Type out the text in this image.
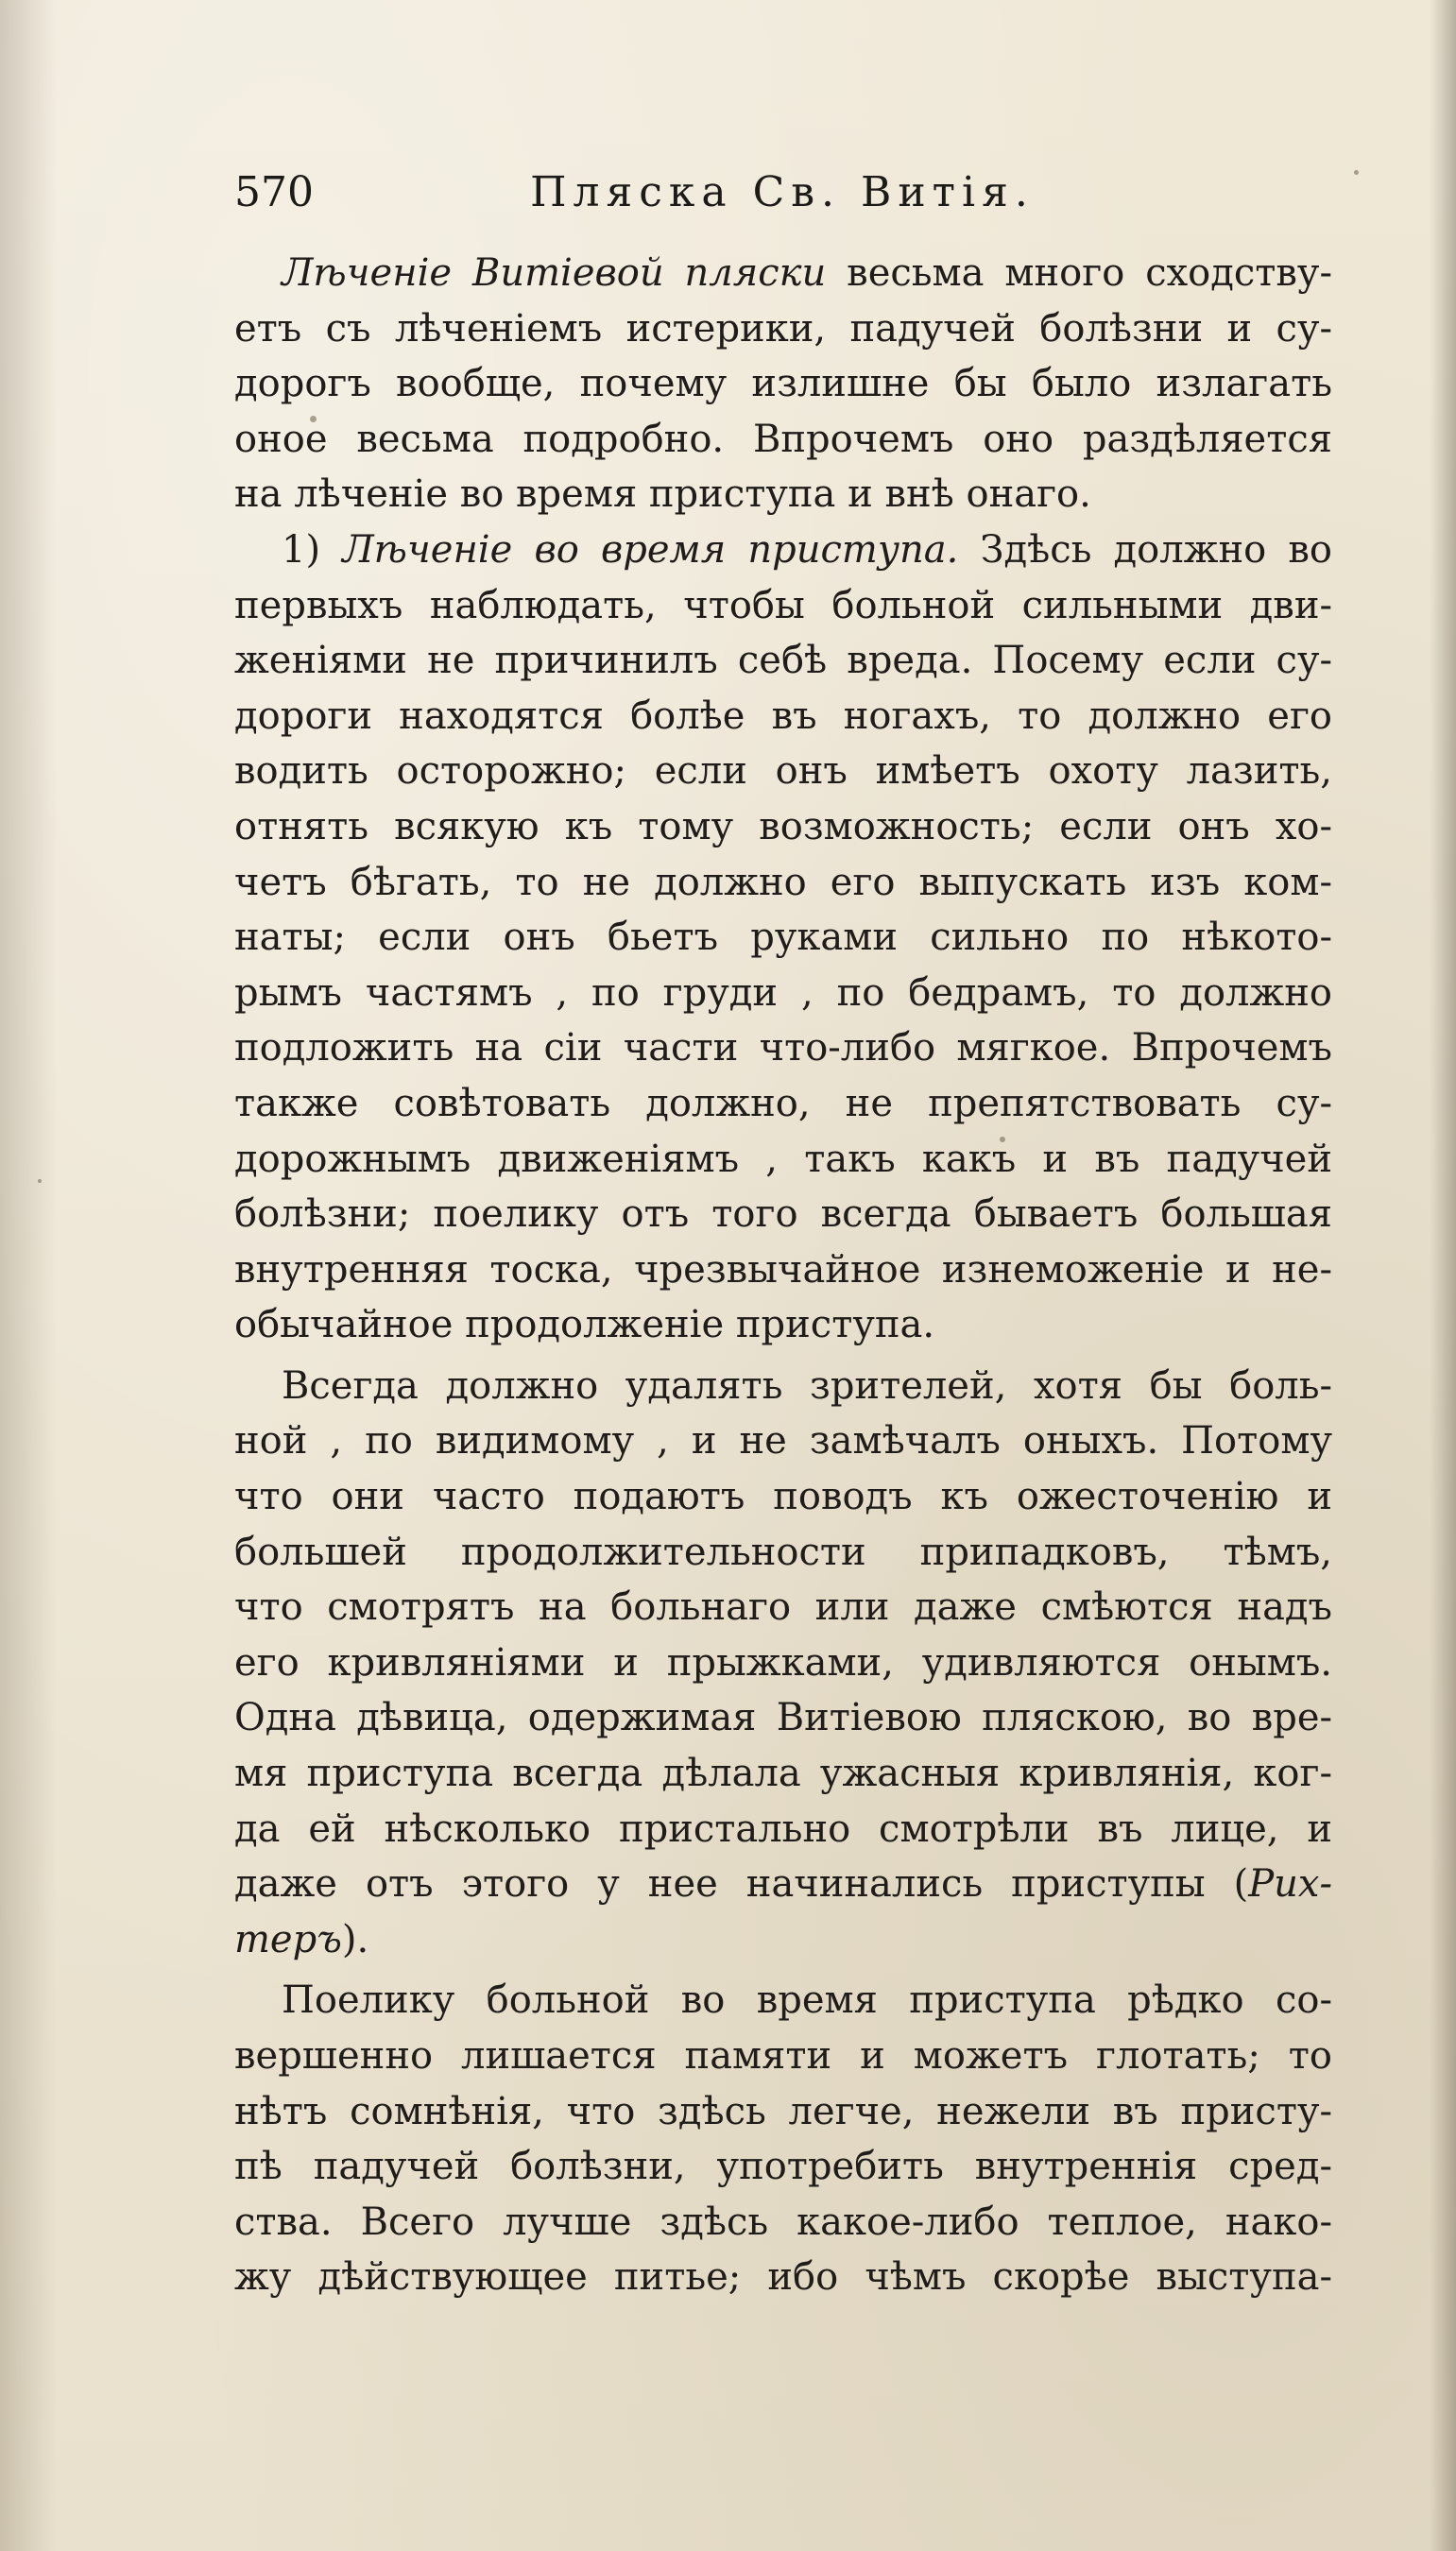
570	Пляска Св. Витія.
Лѣченіе Витіевой пляски весьма много сходству-
етъ съ лѣченіемъ истерики, падучей болѣзни и су-
дорогъ вообще, почему излишне бы было излагать
оное весьма подробно. Впрочемъ оно раздѣляется
на лѣченіе во время приступа и внѣ онаго.
1) Лѣченіе во время приступа. Здѣсь должно во
первыхъ наблюдать, чтобы больной сильными дви-
женіями не причинилъ себѣ вреда. Посему если су-
дороги находятся болѣе въ ногахъ, то должно его
водить осторожно; если онъ имѣетъ охоту лазить,
отнять всякую къ тому возможность; если онъ хо-
четъ бѣгать, то не должно его выпускать изъ ком-
наты; если онъ бьетъ руками сильно по нѣкото-
рымъ частямъ , по груди , по бедрамъ, то должно
подложить на сіи части что-либо мягкое. Впрочемъ
также совѣтовать должно, не препятствовать су-
дорожнымъ движеніямъ , такъ какъ и въ падучей
болѣзни; поелику отъ того всегда бываетъ большая
внутренняя тоска, чрезвычайное изнеможеніе и не-
обычайное продолженіе приступа.
Всегда должно удалять зрителей, хотя бы боль-
ной , по видимому , и не замѣчалъ оныхъ. Потому
что они часто подаютъ поводъ къ ожесточенію и
большей продолжительности припадковъ, тѣмъ,
что смотрятъ на больнаго или даже смѣются надъ
его кривляніями и прыжками, удивляются онымъ.
Одна дѣвица, одержимая Витіевою пляскою, во вре-
мя приступа всегда дѣлала ужасныя кривлянія, ког-
да ей нѣсколько пристально смотрѣли въ лице, и
даже отъ этого у нее начинались приступы (Рих-
теръ).
Поелику больной во время приступа рѣдко со-
вершенно лишается памяти и можетъ глотать; то
нѣтъ сомнѣнія, что здѣсь легче, нежели въ присту-
пѣ падучей болѣзни, употребить внутреннія сред-
ства. Всего лучше здѣсь какое-либо теплое, нако-
жу дѣйствующее питье; ибо чѣмъ скорѣе выступа-
